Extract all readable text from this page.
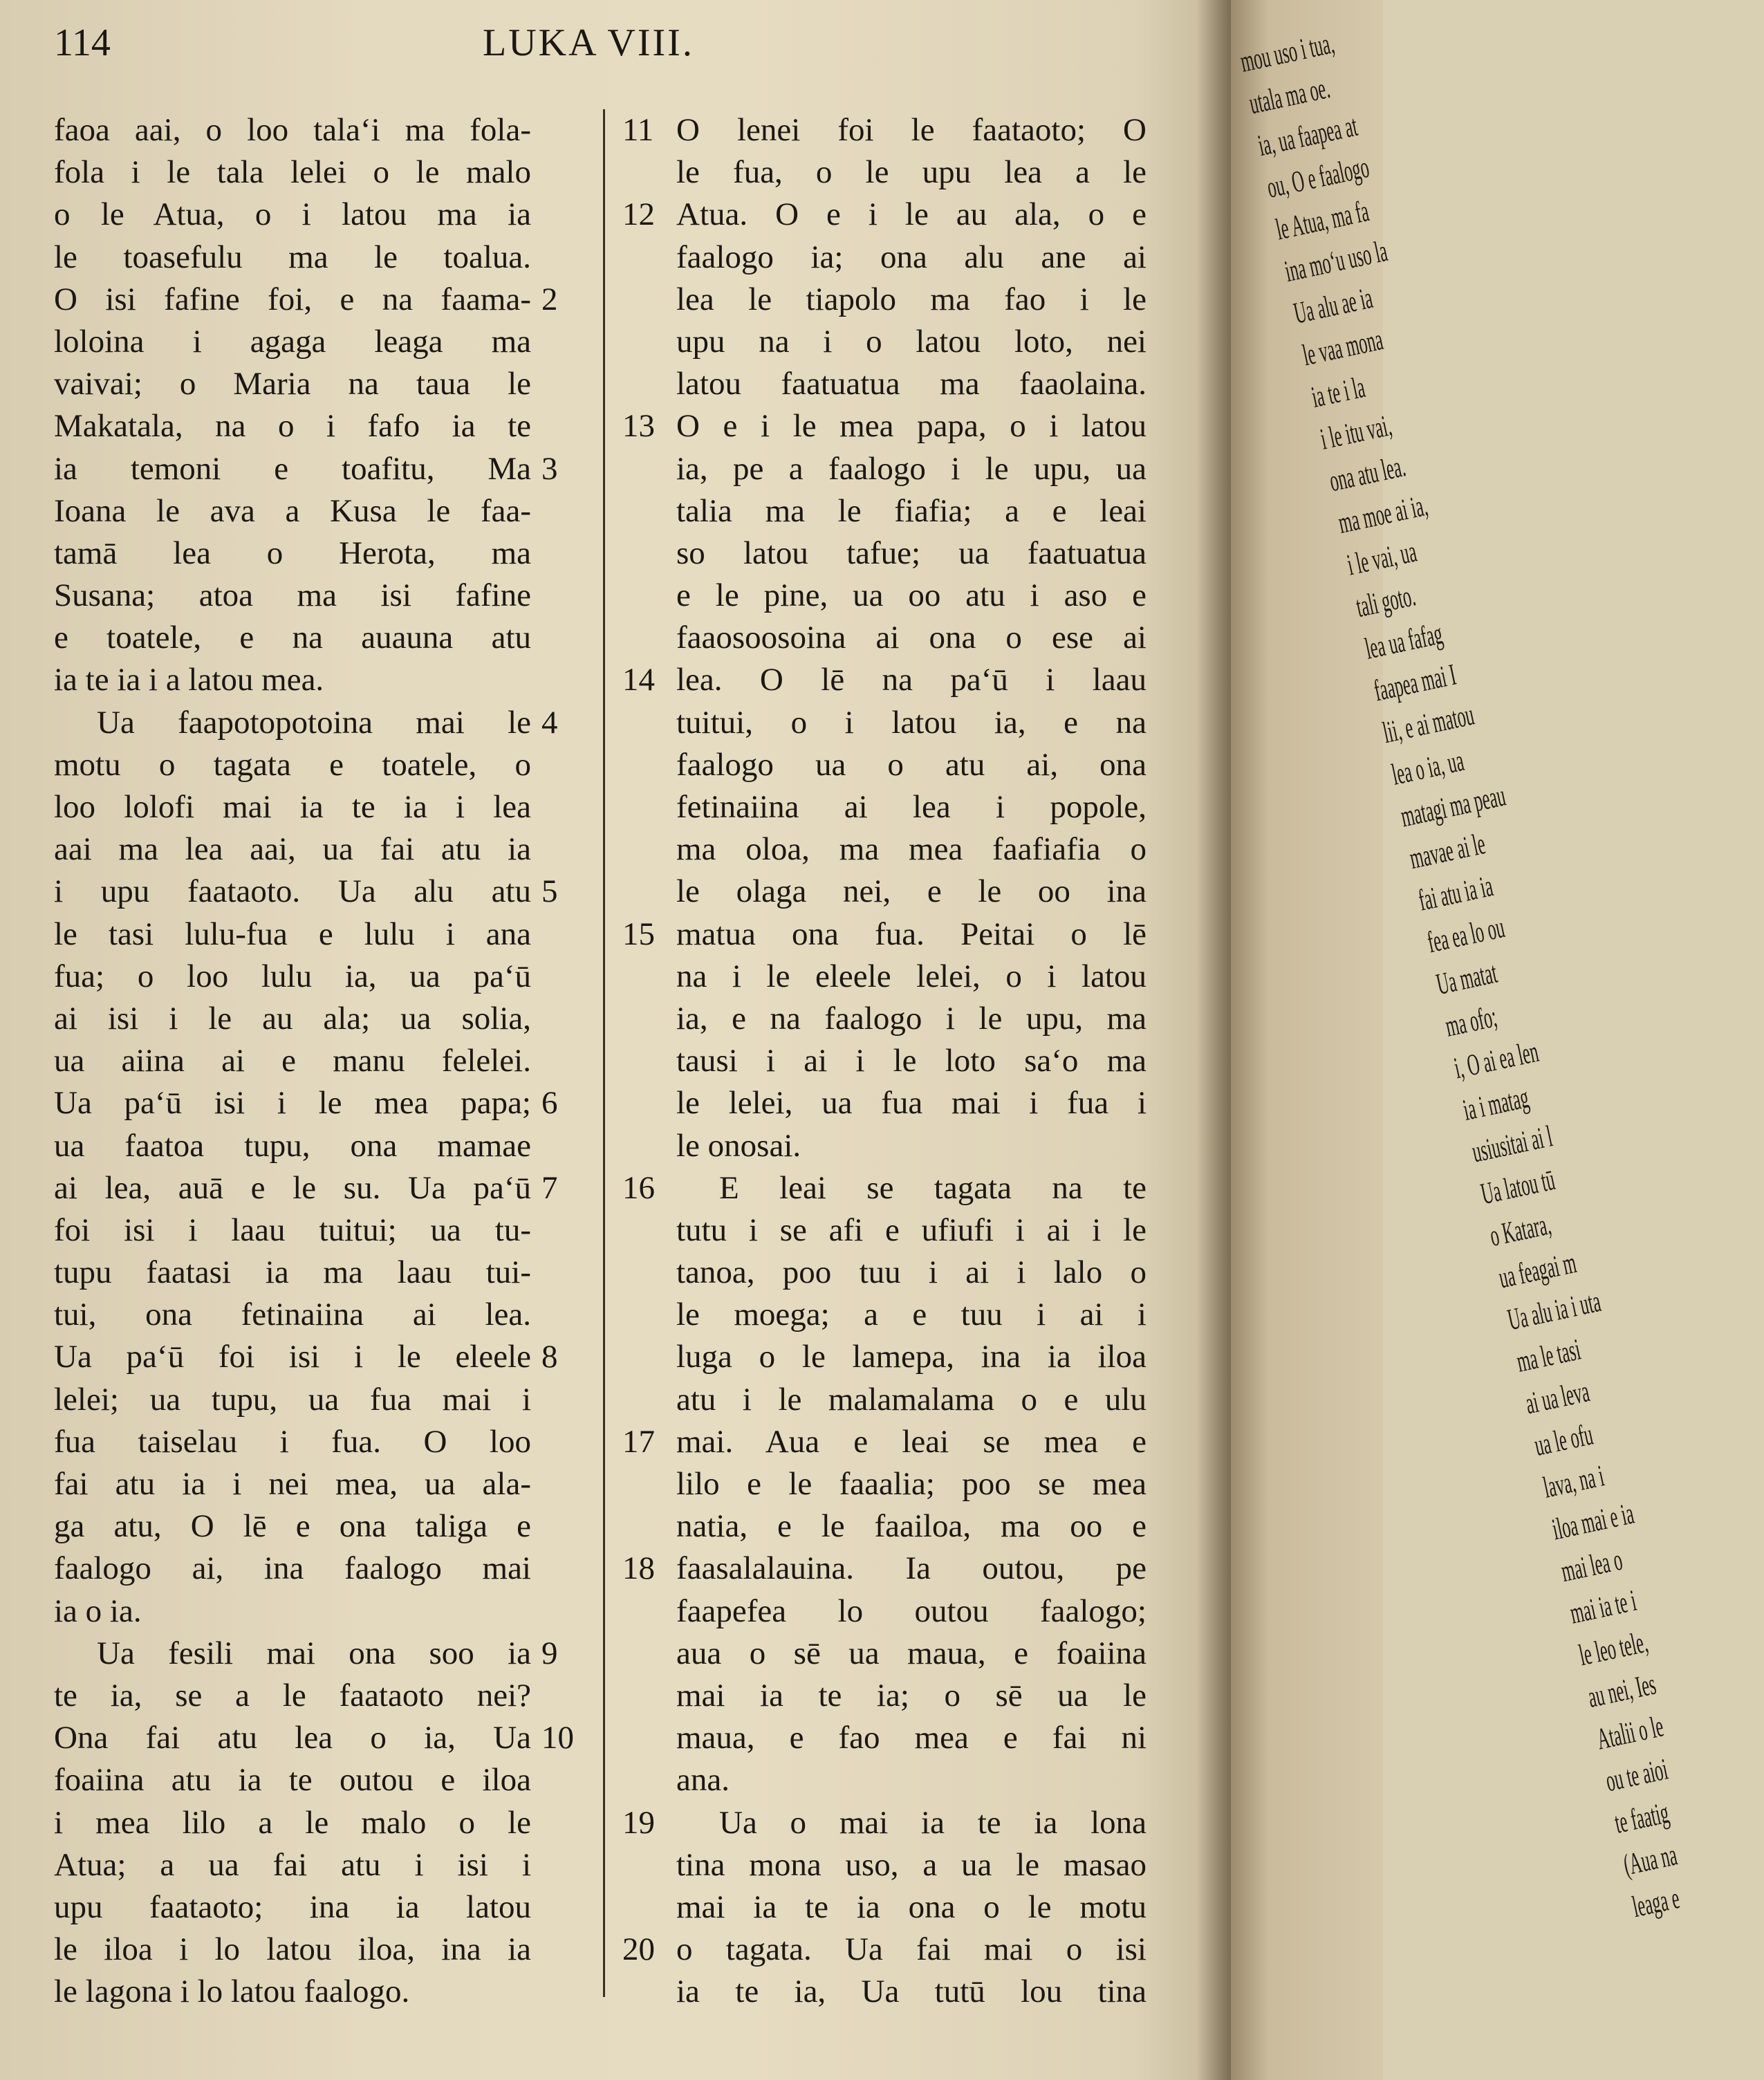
114	LUKA VIII.
faoa aai, o loo tala‘i ma fola-
fola i le tala lelei o le malo
o le Atua, o i latou ma ia
le toasefulu ma le toalua.
O isi fafine foi, e na faama- 2
loloina i agaga leaga ma
vaivai; o Maria na taua le
Makatala, na o i fafo ia te
ia temoni e toafitu, Ma 3
Ioana le ava a Kusa le faa-
tamā lea o Herota, ma
Susana; atoa ma isi fafine
e toatele, e na auauna atu
ia te ia i a latou mea.
Ua faapotopotoina mai le 4
motu o tagata e toatele, o
loo lolofi mai ia te ia i lea
aai ma lea aai, ua fai atu ia
i upu faataoto. Ua alu atu 5
le tasi lulu-fua e lulu i ana
fua; o loo lulu ia, ua pa‘ū
ai isi i le au ala; ua solia,
ua aiina ai e manu felelei.
Ua pa‘ū isi i le mea papa; 6
ua faatoa tupu, ona mamae
ai lea, auā e le su. Ua pa‘ū 7
foi isi i laau tuitui; ua tu-
tupu faatasi ia ma laau tui-
tui, ona fetinaiina ai lea.
Ua pa‘ū foi isi i le eleele 8
lelei; ua tupu, ua fua mai i
fua taiselau i fua. O loo
fai atu ia i nei mea, ua ala-
ga atu, O lē e ona taliga e
faalogo ai, ina faalogo mai
ia o ia.
Ua fesili mai ona soo ia 9
te ia, se a le faataoto nei?
Ona fai atu lea o ia, Ua 10
foaiina atu ia te outou e iloa
i mea lilo a le malo o le
Atua; a ua fai atu i isi i
upu faataoto; ina ia latou
le iloa i lo latou iloa, ina ia
le lagona i lo latou faalogo.
O lenei foi le faataoto; O
11
le fua, o le upu lea a le
Atua. O e i le au ala, o e
12
faalogo ia; ona alu ane ai
lea le tiapolo ma fao i le
upu na i o latou loto, nei
latou faatuatua ma faaolaina.
O e i le mea papa, o i latou
13
ia, pe a faalogo i le upu, ua
talia ma le fiafia; a e leai
so latou tafue; ua faatuatua
e le pine, ua oo atu i aso e
faaosoosoina ai ona o ese ai
lea. O lē na pa‘ū i laau
14
tuitui, o i latou ia, e na
faalogo ua o atu ai, ona
fetinaiina ai lea i popole,
ma oloa, ma mea faafiafia o
le olaga nei, e le oo ina
matua ona fua. Peitai o lē
15
na i le eleele lelei, o i latou
ia, e na faalogo i le upu, ma
tausi i ai i le loto sa‘o ma
le lelei, ua fua mai i fua i
le onosai.
E leai se tagata na te
16
tutu i se afi e ufiufi i ai i le
tanoa, poo tuu i ai i lalo o
le moega; a e tuu i ai i
luga o le lamepa, ina ia iloa
atu i le malamalama o e ulu
mai. Aua e leai se mea e
17
lilo e le faaalia; poo se mea
natia, e le faailoa, ma oo e
faasalalauina. Ia outou, pe
18
faapefea lo outou faalogo;
aua o sē ua maua, e foaiina
mai ia te ia; o sē ua le
maua, e fao mea e fai ni
ana.
Ua o mai ia te ia lona
19
tina mona uso, a ua le masao
mai ia te ia ona o le motu
o tagata. Ua fai mai o isi
20
ia te ia, Ua tutū lou tina
mou uso i tua,
utala ma oe.
ia, ua faapea at
ou, O e faalogo
le Atua, ma fa
ina mo‘u uso la
Ua alu ae ia
le vaa mona
ia te i la
i le itu vai,
ona atu lea.
ma moe ai ia,
i le vai, ua
tali goto.
lea ua fafag
faapea mai I
lii, e ai matou
lea o ia, ua
matagi ma peau
mavae ai le
fai atu ia ia
fea ea lo ou
Ua matat
ma ofo;
i, O ai ea len
ia i matag
usiusitai ai l
Ua latou tū
o Katara,
ua feagai m
Ua alu ia i uta
ma le tasi
ai ua leva
ua le ofu
lava, na i
iloa mai e ia
mai lea o
mai ia te i
le leo tele,
au nei, Ies
Atalii o le
ou te aioi
te faatig
(Aua na
leaga e
